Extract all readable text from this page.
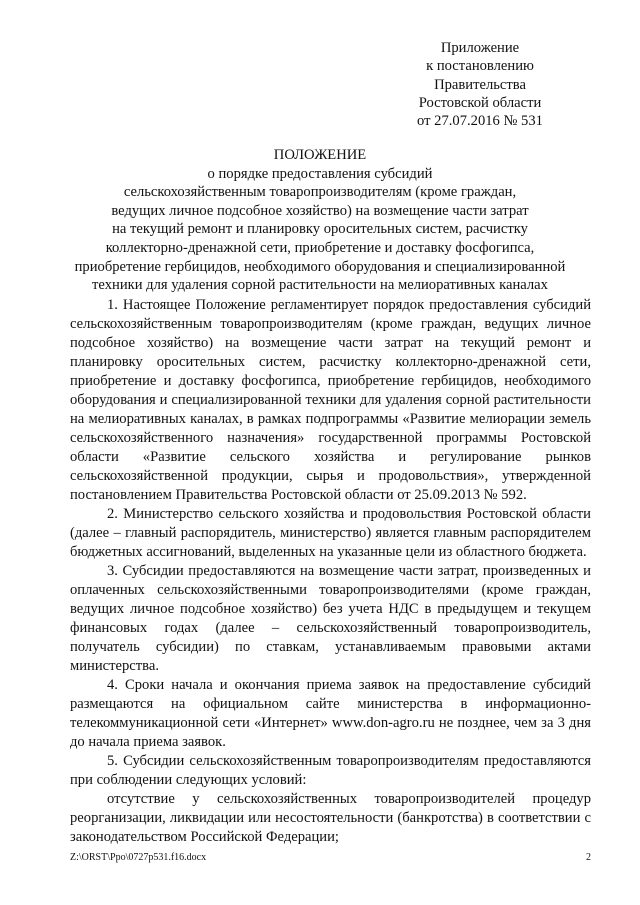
Приложение
к постановлению
Правительства
Ростовской области
от 27.07.2016 № 531
ПОЛОЖЕНИЕ
о порядке предоставления субсидий
сельскохозяйственным товаропроизводителям (кроме граждан,
ведущих личное подсобное хозяйство) на возмещение части затрат
на текущий ремонт и планировку оросительных систем, расчистку
коллекторно-дренажной сети, приобретение и доставку фосфогипса,
приобретение гербицидов, необходимого оборудования и специализированной
техники для удаления сорной растительности на мелиоративных каналах

1. Настоящее Положение регламентирует порядок предоставления субсидий сельскохозяйственным товаропроизводителям (кроме граждан, ведущих личное подсобное хозяйство) на возмещение части затрат на текущий ремонт и планировку оросительных систем, расчистку коллекторно-дренажной сети, приобретение и доставку фосфогипса, приобретение гербицидов, необходимого оборудования и специализированной техники для удаления сорной растительности на мелиоративных каналах, в рамках подпрограммы «Развитие мелиорации земель сельскохозяйственного назначения» государственной программы Ростовской области «Развитие сельского хозяйства и регулирование рынков сельскохозяйственной продукции, сырья и продовольствия», утвержденной постановлением Правительства Ростовской области от 25.09.2013 № 592.

2. Министерство сельского хозяйства и продовольствия Ростовской области (далее – главный распорядитель, министерство) является главным распорядителем бюджетных ассигнований, выделенных на указанные цели из областного бюджета.

3. Субсидии предоставляются на возмещение части затрат, произведенных и оплаченных сельскохозяйственными товаропроизводителями (кроме граждан, ведущих личное подсобное хозяйство) без учета НДС в предыдущем и текущем финансовых годах (далее – сельскохозяйственный товаропроизводитель, получатель субсидии) по ставкам, устанавливаемым правовыми актами министерства.

4. Сроки начала и окончания приема заявок на предоставление субсидий размещаются на официальном сайте министерства в информационно-телекоммуникационной сети «Интернет» www.don-agro.ru не позднее, чем за 3 дня до начала приема заявок.

5. Субсидии сельскохозяйственным товаропроизводителям предоставляются при соблюдении следующих условий:

отсутствие у сельскохозяйственных товаропроизводителей процедур реорганизации, ликвидации или несостоятельности (банкротства) в соответствии с законодательством Российской Федерации;

Z:\ORST\Ppo\0727p531.f16.docx	2
